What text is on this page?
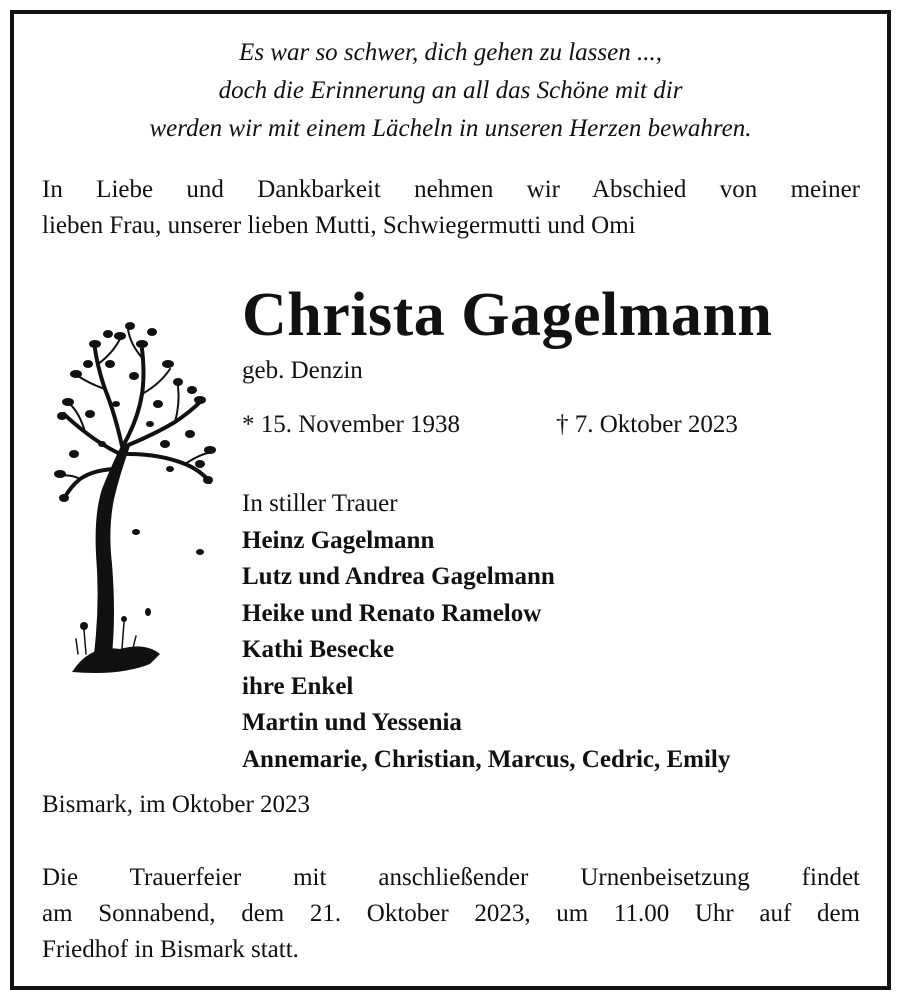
Es war so schwer, dich gehen zu lassen ...,
doch die Erinnerung an all das Schöne mit dir
werden wir mit einem Lächeln in unseren Herzen bewahren.
In Liebe und Dankbarkeit nehmen wir Abschied von meiner
lieben Frau, unserer lieben Mutti, Schwiegermutti und Omi
Christa Gagelmann
geb. Denzin
* 15. November 1938	† 7. Oktober 2023
In stiller Trauer
Heinz Gagelmann
Lutz und Andrea Gagelmann
Heike und Renato Ramelow
Kathi Besecke
ihre Enkel
Martin und Yessenia
Annemarie, Christian, Marcus, Cedric, Emily
Bismark, im Oktober 2023
Die Trauerfeier mit anschließender Urnenbeisetzung findet
am Sonnabend, dem 21. Oktober 2023, um 11.00 Uhr auf dem
Friedhof in Bismark statt.
